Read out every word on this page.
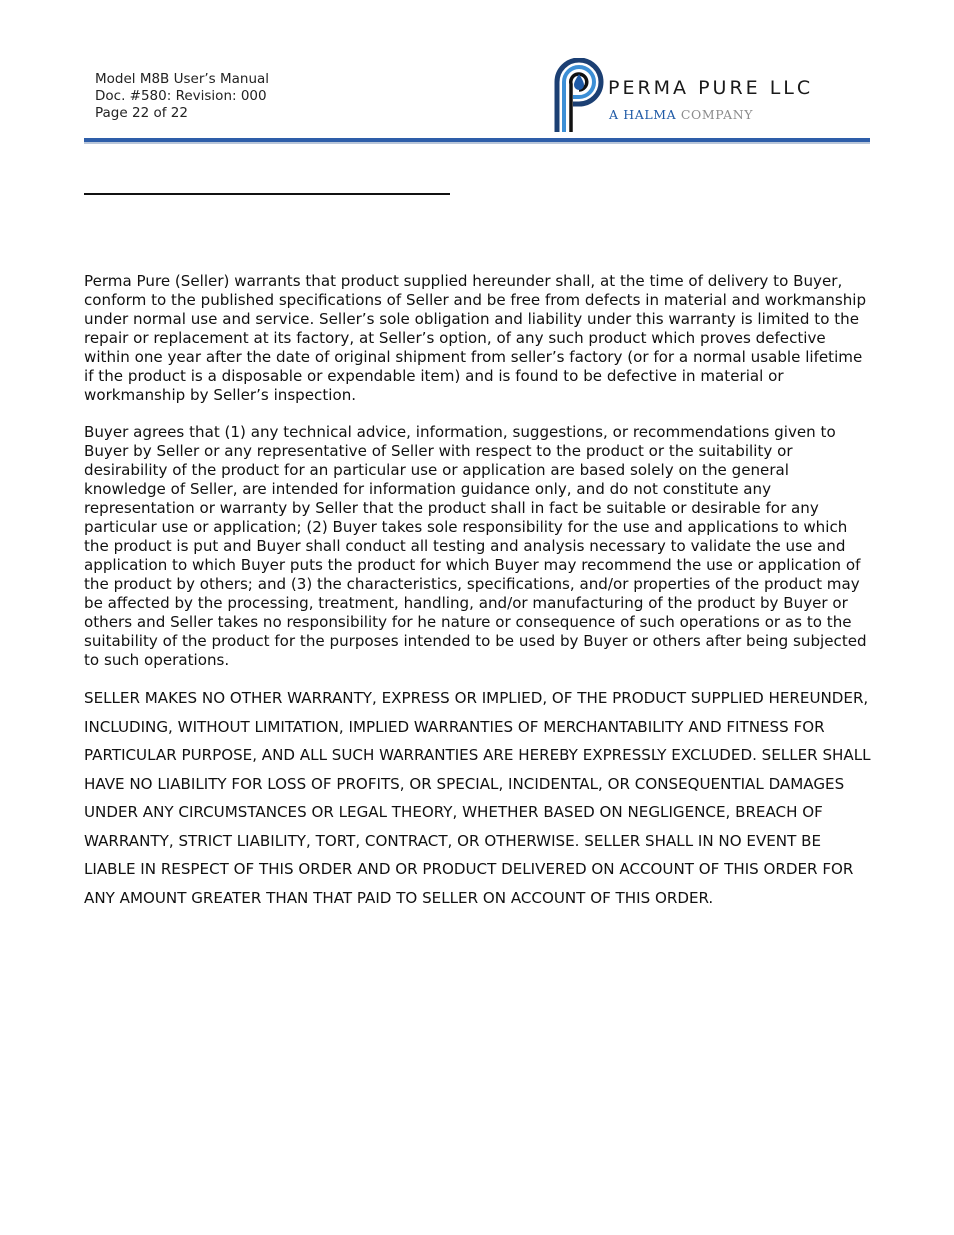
Model M8B User’s Manual
Doc. #580: Revision: 000
Page 22 of 22
PERMA PURE LLC
A HALMA COMPANY

Perma Pure (Seller) warrants that product supplied hereunder shall, at the time of delivery to Buyer, conform to the published specifications of Seller and be free from defects in material and workmanship under normal use and service. Seller’s sole obligation and liability under this warranty is limited to the repair or replacement at its factory, at Seller’s option, of any such product which proves defective within one year after the date of original shipment from seller’s factory (or for a normal usable lifetime if the product is a disposable or expendable item) and is found to be defective in material or workmanship by Seller’s inspection.

Buyer agrees that (1) any technical advice, information, suggestions, or recommendations given to Buyer by Seller or any representative of Seller with respect to the product or the suitability or desirability of the product for an particular use or application are based solely on the general knowledge of Seller, are intended for information guidance only, and do not constitute any representation or warranty by Seller that the product shall in fact be suitable or desirable for any particular use or application; (2) Buyer takes sole responsibility for the use and applications to which the product is put and Buyer shall conduct all testing and analysis necessary to validate the use and application to which Buyer puts the product for which Buyer may recommend the use or application of the product by others; and (3) the characteristics, specifications, and/or properties of the product may be affected by the processing, treatment, handling, and/or manufacturing of the product by Buyer or others and Seller takes no responsibility for he nature or consequence of such operations or as to the suitability of the product for the purposes intended to be used by Buyer or others after being subjected to such operations.

SELLER MAKES NO OTHER WARRANTY, EXPRESS OR IMPLIED, OF THE PRODUCT SUPPLIED HEREUNDER, INCLUDING, WITHOUT LIMITATION, IMPLIED WARRANTIES OF MERCHANTABILITY AND FITNESS FOR PARTICULAR PURPOSE, AND ALL SUCH WARRANTIES ARE HEREBY EXPRESSLY EXCLUDED. SELLER SHALL HAVE NO LIABILITY FOR LOSS OF PROFITS, OR SPECIAL, INCIDENTAL, OR CONSEQUENTIAL DAMAGES UNDER ANY CIRCUMSTANCES OR LEGAL THEORY, WHETHER BASED ON NEGLIGENCE, BREACH OF WARRANTY, STRICT LIABILITY, TORT, CONTRACT, OR OTHERWISE. SELLER SHALL IN NO EVENT BE LIABLE IN RESPECT OF THIS ORDER AND OR PRODUCT DELIVERED ON ACCOUNT OF THIS ORDER FOR ANY AMOUNT GREATER THAN THAT PAID TO SELLER ON ACCOUNT OF THIS ORDER.
